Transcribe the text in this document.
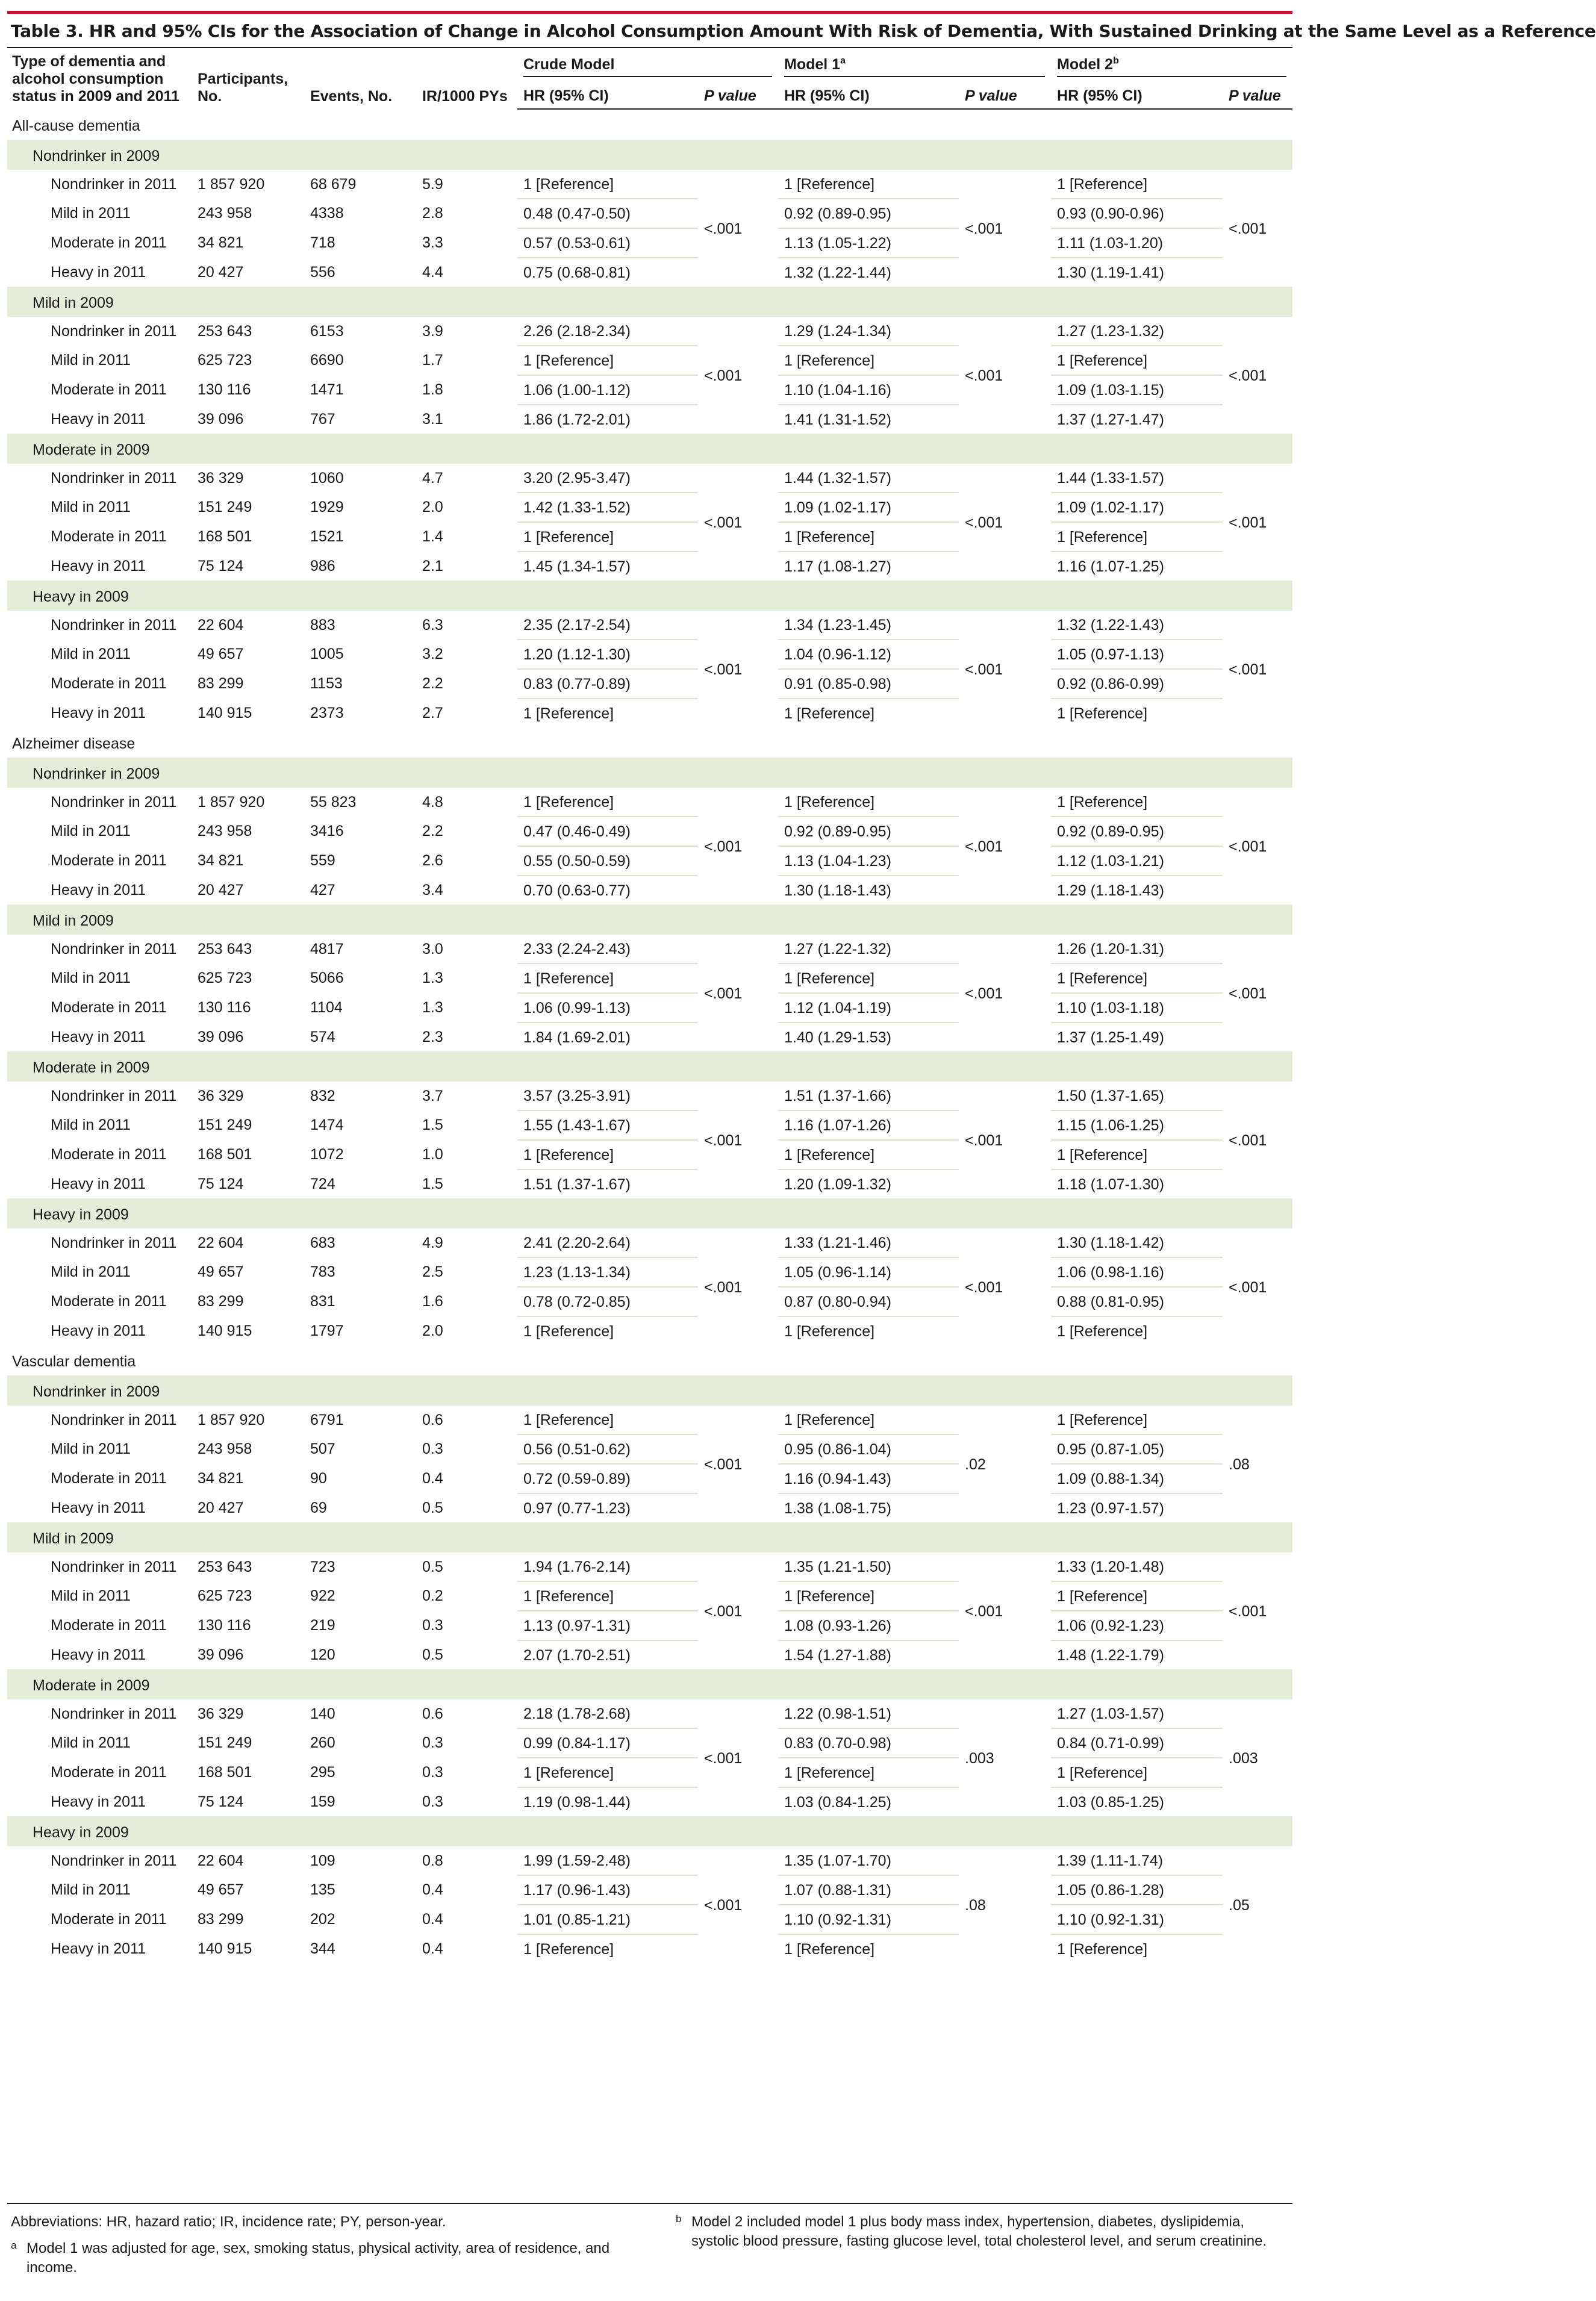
Table 3. HR and 95% CIs for the Association of Change in Alcohol Consumption Amount With Risk of Dementia, With Sustained Drinking at the Same Level as a Reference
Type of dementia and alcohol consumption status in 2009 and 2011	Participants, No.	Events, No.	IR/1000 PYs	Crude Model		Model 1$^a$		Model 2$^b$

				HR (95% CI)	P value	HR (95% CI)	P value	HR (95% CI)	P value
All-cause dementia									
Nondrinker in 2009									
Nondrinker in 2011	1 857 920	68 679	5.9	1 [Reference]	<.001	1 [Reference]	<.001	1 [Reference]	<.001
Mild in 2011	243 958	4338	2.8	0.48 (0.47-0.50)		0.92 (0.89-0.95)		0.93 (0.90-0.96)	
Moderate in 2011	34 821	718	3.3	0.57 (0.53-0.61)		1.13 (1.05-1.22)		1.11 (1.03-1.20)	
Heavy in 2011	20 427	556	4.4	0.75 (0.68-0.81)		1.32 (1.22-1.44)		1.30 (1.19-1.41)	
Mild in 2009									
Nondrinker in 2011	253 643	6153	3.9	2.26 (2.18-2.34)	<.001	1.29 (1.24-1.34)	<.001	1.27 (1.23-1.32)	<.001
Mild in 2011	625 723	6690	1.7	1 [Reference]		1 [Reference]		1 [Reference]	
Moderate in 2011	130 116	1471	1.8	1.06 (1.00-1.12)		1.10 (1.04-1.16)		1.09 (1.03-1.15)	
Heavy in 2011	39 096	767	3.1	1.86 (1.72-2.01)		1.41 (1.31-1.52)		1.37 (1.27-1.47)	
Moderate in 2009									
Nondrinker in 2011	36 329	1060	4.7	3.20 (2.95-3.47)	<.001	1.44 (1.32-1.57)	<.001	1.44 (1.33-1.57)	<.001
Mild in 2011	151 249	1929	2.0	1.42 (1.33-1.52)		1.09 (1.02-1.17)		1.09 (1.02-1.17)	
Moderate in 2011	168 501	1521	1.4	1 [Reference]		1 [Reference]		1 [Reference]	
Heavy in 2011	75 124	986	2.1	1.45 (1.34-1.57)		1.17 (1.08-1.27)		1.16 (1.07-1.25)	
Heavy in 2009									
Nondrinker in 2011	22 604	883	6.3	2.35 (2.17-2.54)	<.001	1.34 (1.23-1.45)	<.001	1.32 (1.22-1.43)	<.001
Mild in 2011	49 657	1005	3.2	1.20 (1.12-1.30)		1.04 (0.96-1.12)		1.05 (0.97-1.13)	
Moderate in 2011	83 299	1153	2.2	0.83 (0.77-0.89)		0.91 (0.85-0.98)		0.92 (0.86-0.99)	
Heavy in 2011	140 915	2373	2.7	1 [Reference]		1 [Reference]		1 [Reference]	
Alzheimer disease									
Nondrinker in 2009									
Nondrinker in 2011	1 857 920	55 823	4.8	1 [Reference]	<.001	1 [Reference]	<.001	1 [Reference]	<.001
Mild in 2011	243 958	3416	2.2	0.47 (0.46-0.49)		0.92 (0.89-0.95)		0.92 (0.89-0.95)	
Moderate in 2011	34 821	559	2.6	0.55 (0.50-0.59)		1.13 (1.04-1.23)		1.12 (1.03-1.21)	
Heavy in 2011	20 427	427	3.4	0.70 (0.63-0.77)		1.30 (1.18-1.43)		1.29 (1.18-1.43)	
Mild in 2009									
Nondrinker in 2011	253 643	4817	3.0	2.33 (2.24-2.43)	<.001	1.27 (1.22-1.32)	<.001	1.26 (1.20-1.31)	<.001
Mild in 2011	625 723	5066	1.3	1 [Reference]		1 [Reference]		1 [Reference]	
Moderate in 2011	130 116	1104	1.3	1.06 (0.99-1.13)		1.12 (1.04-1.19)		1.10 (1.03-1.18)	
Heavy in 2011	39 096	574	2.3	1.84 (1.69-2.01)		1.40 (1.29-1.53)		1.37 (1.25-1.49)	
Moderate in 2009									
Nondrinker in 2011	36 329	832	3.7	3.57 (3.25-3.91)	<.001	1.51 (1.37-1.66)	<.001	1.50 (1.37-1.65)	<.001
Mild in 2011	151 249	1474	1.5	1.55 (1.43-1.67)		1.16 (1.07-1.26)		1.15 (1.06-1.25)	
Moderate in 2011	168 501	1072	1.0	1 [Reference]		1 [Reference]		1 [Reference]	
Heavy in 2011	75 124	724	1.5	1.51 (1.37-1.67)		1.20 (1.09-1.32)		1.18 (1.07-1.30)	
Heavy in 2009									
Nondrinker in 2011	22 604	683	4.9	2.41 (2.20-2.64)	<.001	1.33 (1.21-1.46)	<.001	1.30 (1.18-1.42)	<.001
Mild in 2011	49 657	783	2.5	1.23 (1.13-1.34)		1.05 (0.96-1.14)		1.06 (0.98-1.16)	
Moderate in 2011	83 299	831	1.6	0.78 (0.72-0.85)		0.87 (0.80-0.94)		0.88 (0.81-0.95)	
Heavy in 2011	140 915	1797	2.0	1 [Reference]		1 [Reference]		1 [Reference]	
Vascular dementia									
Nondrinker in 2009									
Nondrinker in 2011	1 857 920	6791	0.6	1 [Reference]	<.001	1 [Reference]	.02	1 [Reference]	.08
Mild in 2011	243 958	507	0.3	0.56 (0.51-0.62)		0.95 (0.86-1.04)		0.95 (0.87-1.05)	
Moderate in 2011	34 821	90	0.4	0.72 (0.59-0.89)		1.16 (0.94-1.43)		1.09 (0.88-1.34)	
Heavy in 2011	20 427	69	0.5	0.97 (0.77-1.23)		1.38 (1.08-1.75)		1.23 (0.97-1.57)	
Mild in 2009									
Nondrinker in 2011	253 643	723	0.5	1.94 (1.76-2.14)	<.001	1.35 (1.21-1.50)	<.001	1.33 (1.20-1.48)	<.001
Mild in 2011	625 723	922	0.2	1 [Reference]		1 [Reference]		1 [Reference]	
Moderate in 2011	130 116	219	0.3	1.13 (0.97-1.31)		1.08 (0.93-1.26)		1.06 (0.92-1.23)	
Heavy in 2011	39 096	120	0.5	2.07 (1.70-2.51)		1.54 (1.27-1.88)		1.48 (1.22-1.79)	
Moderate in 2009									
Nondrinker in 2011	36 329	140	0.6	2.18 (1.78-2.68)	<.001	1.22 (0.98-1.51)	.003	1.27 (1.03-1.57)	.003
Mild in 2011	151 249	260	0.3	0.99 (0.84-1.17)		0.83 (0.70-0.98)		0.84 (0.71-0.99)	
Moderate in 2011	168 501	295	0.3	1 [Reference]		1 [Reference]		1 [Reference]	
Heavy in 2011	75 124	159	0.3	1.19 (0.98-1.44)		1.03 (0.84-1.25)		1.03 (0.85-1.25)	
Heavy in 2009									
Nondrinker in 2011	22 604	109	0.8	1.99 (1.59-2.48)	<.001	1.35 (1.07-1.70)	.08	1.39 (1.11-1.74)	.05
Mild in 2011	49 657	135	0.4	1.17 (0.96-1.43)		1.07 (0.88-1.31)		1.05 (0.86-1.28)	
Moderate in 2011	83 299	202	0.4	1.01 (0.85-1.21)		1.10 (0.92-1.31)		1.10 (0.92-1.31)	
Heavy in 2011	140 915	344	0.4	1 [Reference]		1 [Reference]		1 [Reference]	

Abbreviations: HR, hazard ratio; IR, incidence rate; PY, person-year.

a Model 1 was adjusted for age, sex, smoking status, physical activity, area of residence, and income.
b Model 2 included model 1 plus body mass index, hypertension, diabetes, dyslipidemia, systolic blood pressure, fasting glucose level, total cholesterol level, and serum creatinine.
